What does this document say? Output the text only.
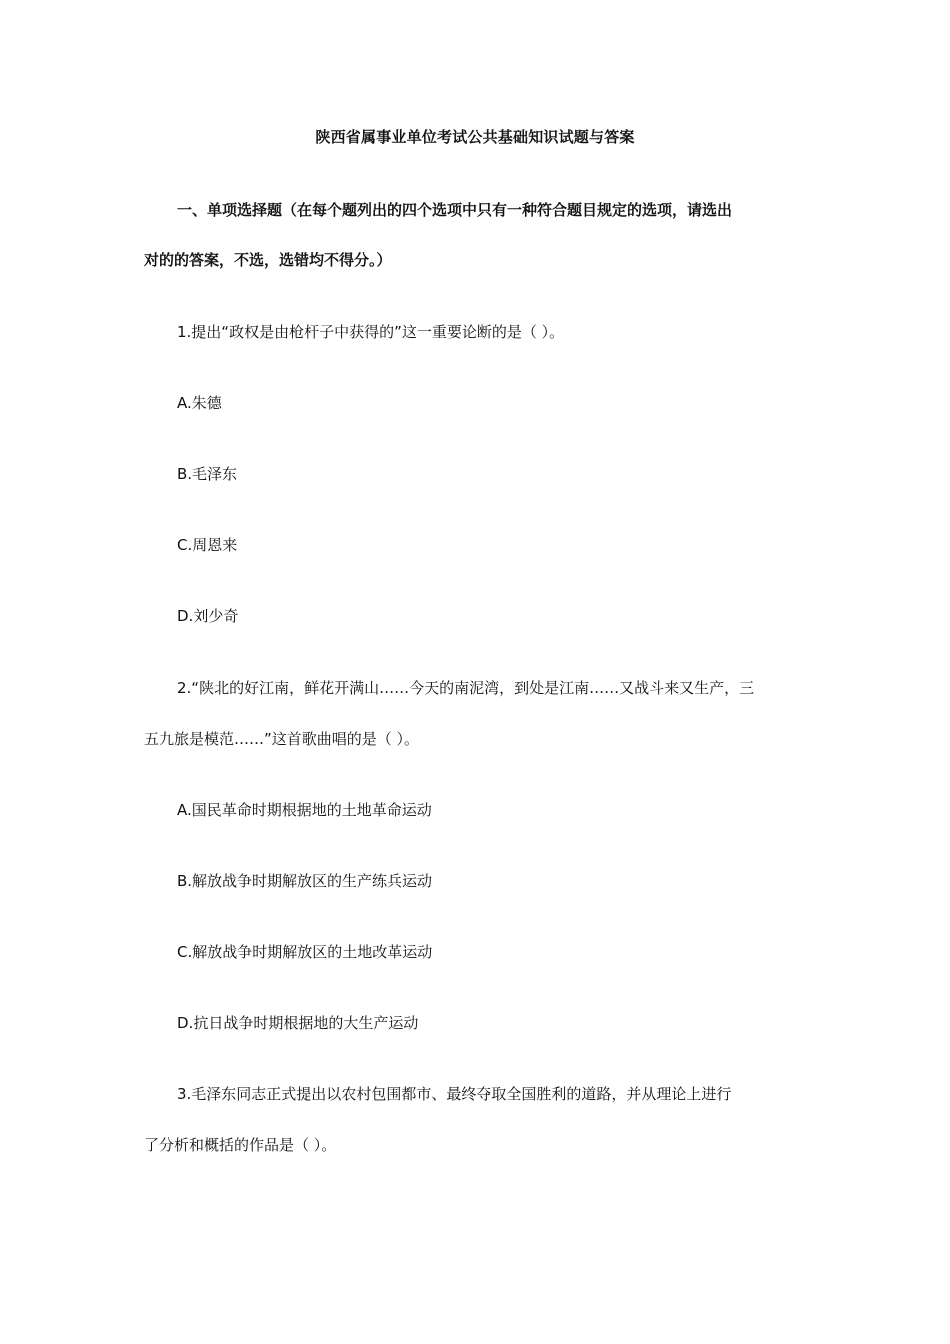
陕西省属事业单位考试公共基础知识试题与答案
一、单项选择题（在每个题列出的四个选项中只有一种符合题目规定的选项，请选出
对的的答案，不选，选错均不得分。）
1.提出“政权是由枪杆子中获得的”这一重要论断的是（ ）。
A.朱德
B.毛泽东
C.周恩来
D.刘少奇
2.“陕北的好江南，鲜花开满山……今天的南泥湾，到处是江南……又战斗来又生产，三
五九旅是模范……”这首歌曲唱的是（ ）。
A.国民革命时期根据地的土地革命运动
B.解放战争时期解放区的生产练兵运动
C.解放战争时期解放区的土地改革运动
D.抗日战争时期根据地的大生产运动
3.毛泽东同志正式提出以农村包围都市、最终夺取全国胜利的道路，并从理论上进行
了分析和概括的作品是（ ）。
